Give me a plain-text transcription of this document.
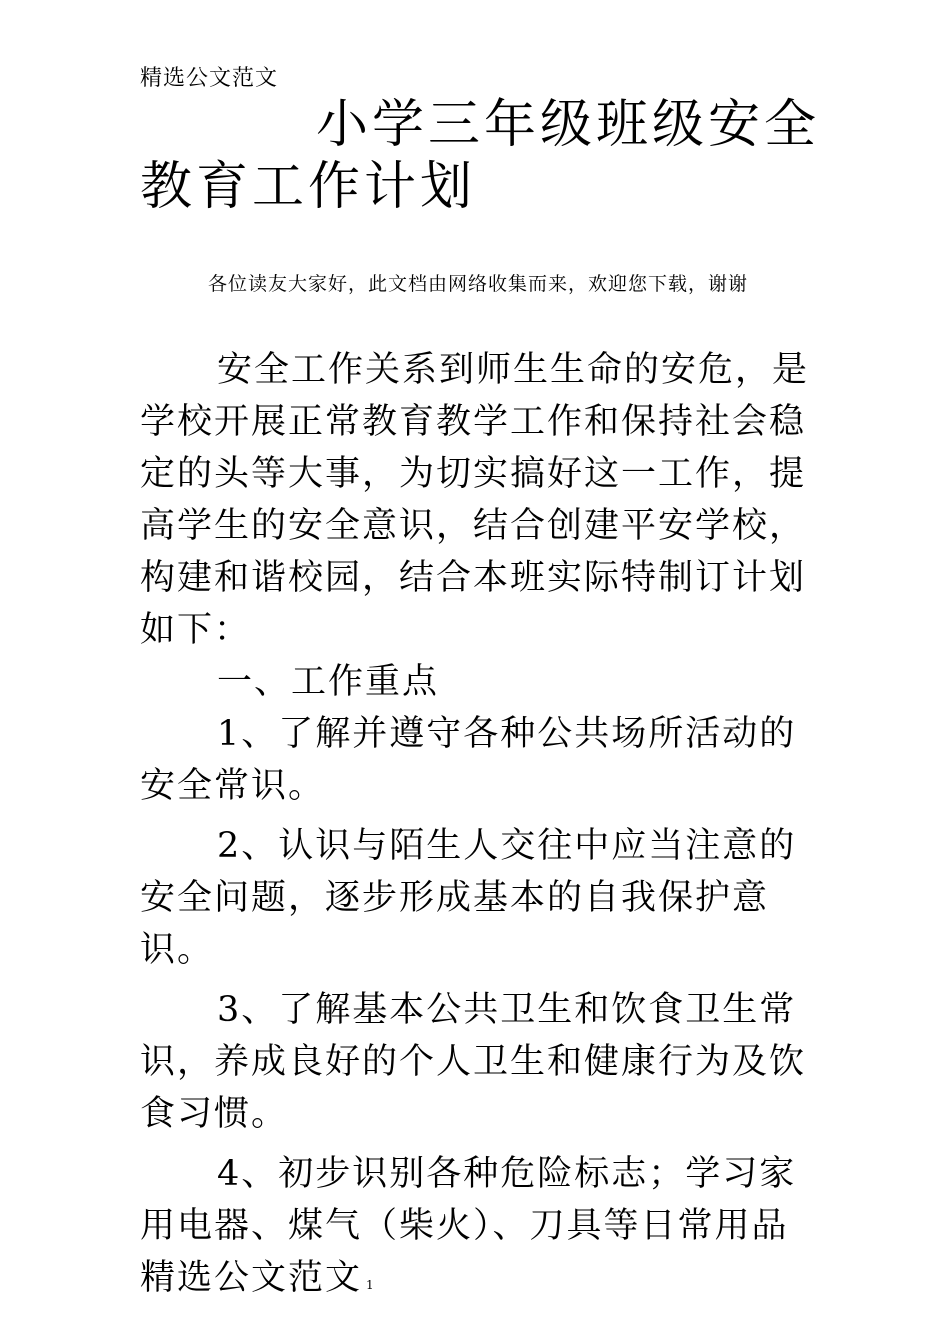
精选公文范文
小学三年级班级安全教育工作计划
各位读友大家好，此文档由网络收集而来，欢迎您下载，谢谢

安全工作关系到师生生命的安危，是学校开展正常教育教学工作和保持社会稳定的头等大事，为切实搞好这一工作，提高学生的安全意识，结合创建平安学校，构建和谐校园，结合本班实际特制订计划如下：

一、工作重点

1、了解并遵守各种公共场所活动的安全常识。

2、认识与陌生人交往中应当注意的安全问题，逐步形成基本的自我保护意识。

3、了解基本公共卫生和饮食卫生常识，养成良好的个人卫生和健康行为及饮食习惯。

4、初步识别各种危险标志；学习家用电器、煤气（柴火）、刀具等日常用品精选公文范文 1
